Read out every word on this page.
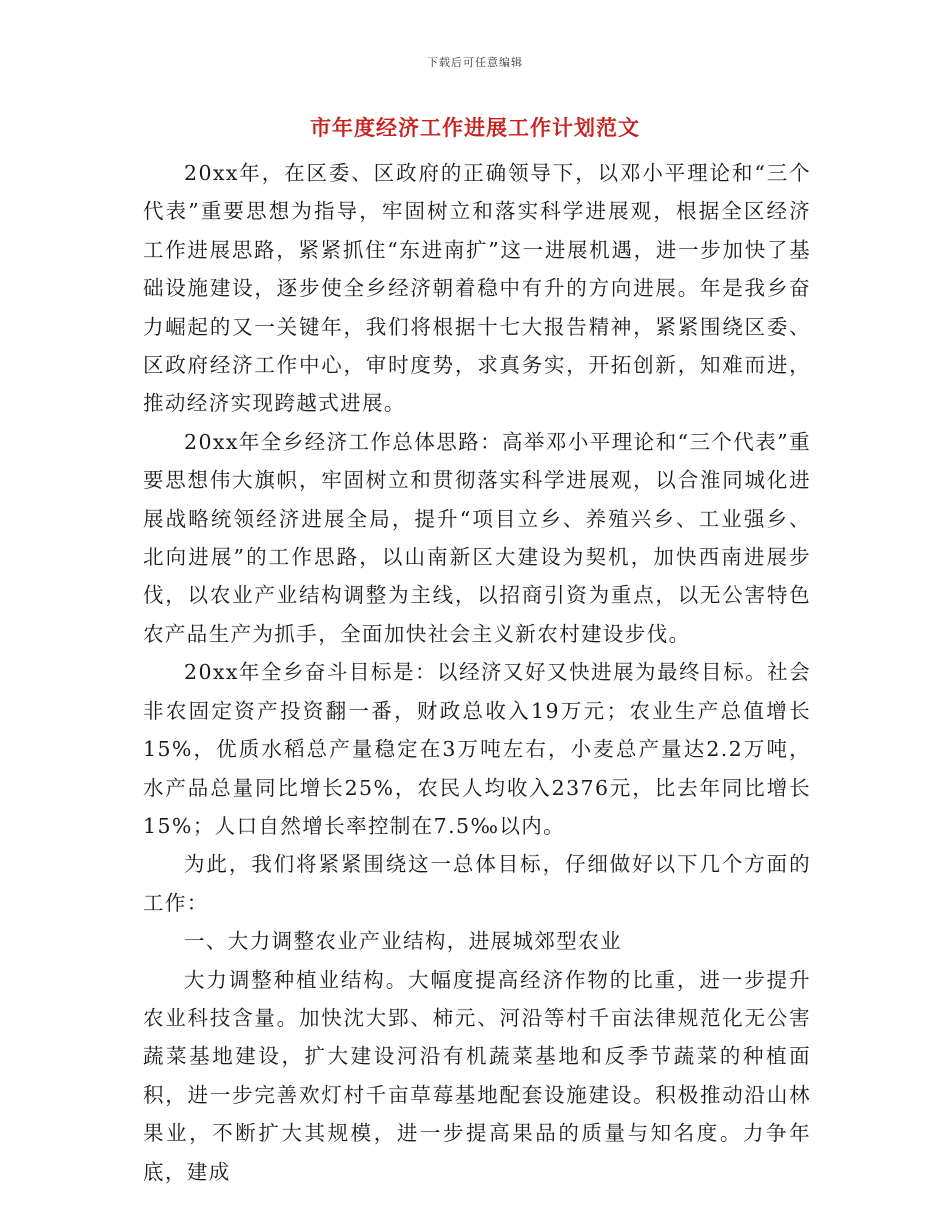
下载后可任意编辑
市年度经济工作进展工作计划范文

20xx年，在区委、区政府的正确领导下，以邓小平理论和“三个代表”重要思想为指导，牢固树立和落实科学进展观，根据全区经济工作进展思路，紧紧抓住“东进南扩”这一进展机遇，进一步加快了基础设施建设，逐步使全乡经济朝着稳中有升的方向进展。年是我乡奋力崛起的又一关键年，我们将根据十七大报告精神，紧紧围绕区委、区政府经济工作中心，审时度势，求真务实，开拓创新，知难而进，推动经济实现跨越式进展。

20xx年全乡经济工作总体思路：高举邓小平理论和“三个代表”重要思想伟大旗帜，牢固树立和贯彻落实科学进展观，以合淮同城化进展战略统领经济进展全局，提升“项目立乡、养殖兴乡、工业强乡、北向进展”的工作思路，以山南新区大建设为契机，加快西南进展步伐，以农业产业结构调整为主线，以招商引资为重点，以无公害特色农产品生产为抓手，全面加快社会主义新农村建设步伐。

20xx年全乡奋斗目标是：以经济又好又快进展为最终目标。社会非农固定资产投资翻一番，财政总收入19万元；农业生产总值增长15%，优质水稻总产量稳定在3万吨左右，小麦总产量达2.2万吨，水产品总量同比增长25%，农民人均收入2376元，比去年同比增长15%；人口自然增长率控制在7.5‰以内。

为此，我们将紧紧围绕这一总体目标，仔细做好以下几个方面的工作：

一、大力调整农业产业结构，进展城郊型农业

大力调整种植业结构。大幅度提高经济作物的比重，进一步提升农业科技含量。加快沈大郢、柿元、河沿等村千亩法律规范化无公害蔬菜基地建设，扩大建设河沿有机蔬菜基地和反季节蔬菜的种植面积，进一步完善欢灯村千亩草莓基地配套设施建设。积极推动沿山林果业，不断扩大其规模，进一步提高果品的质量与知名度。力争年底，建成
